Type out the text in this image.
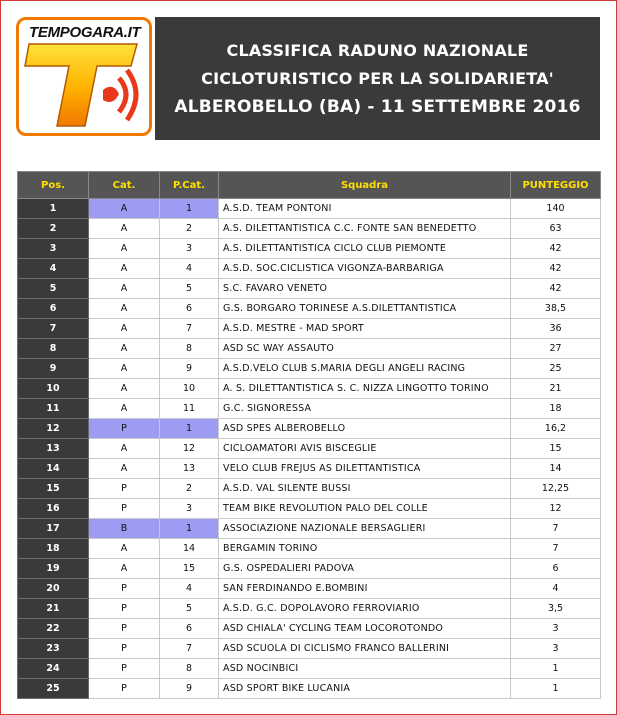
TEMPOGARA.IT
CLASSIFICA RADUNO NAZIONALE
CICLOTURISTICO PER LA SOLIDARIETA'
ALBEROBELLO (BA) - 11 SETTEMBRE 2016
Pos.	Cat.	P.Cat.	Squadra	PUNTEGGIO
1	A	1	A.S.D. TEAM PONTONI	140
2	A	2	A.S. DILETTANTISTICA C.C. FONTE SAN BENEDETTO	63
3	A	3	A.S. DILETTANTISTICA CICLO CLUB PIEMONTE	42
4	A	4	A.S.D. SOC.CICLISTICA VIGONZA-BARBARIGA	42
5	A	5	S.C. FAVARO VENETO	42
6	A	6	G.S. BORGARO TORINESE A.S.DILETTANTISTICA	38,5
7	A	7	A.S.D. MESTRE - MAD SPORT	36
8	A	8	ASD SC WAY ASSAUTO	27
9	A	9	A.S.D.VELO CLUB S.MARIA DEGLI ANGELI RACING	25
10	A	10	A. S. DILETTANTISTICA S. C. NIZZA LINGOTTO TORINO	21
11	A	11	G.C. SIGNORESSA	18
12	P	1	ASD SPES ALBEROBELLO	16,2
13	A	12	CICLOAMATORI AVIS BISCEGLIE	15
14	A	13	VELO CLUB FREJUS AS DILETTANTISTICA	14
15	P	2	A.S.D. VAL SILENTE BUSSI	12,25
16	P	3	TEAM BIKE REVOLUTION PALO DEL COLLE	12
17	B	1	ASSOCIAZIONE NAZIONALE BERSAGLIERI	7
18	A	14	BERGAMIN TORINO	7
19	A	15	G.S. OSPEDALIERI PADOVA	6
20	P	4	SAN FERDINANDO E.BOMBINI	4
21	P	5	A.S.D. G.C. DOPOLAVORO FERROVIARIO	3,5
22	P	6	ASD CHIALA' CYCLING TEAM LOCOROTONDO	3
23	P	7	ASD SCUOLA DI CICLISMO FRANCO BALLERINI	3
24	P	8	ASD NOCINBICI	1
25	P	9	ASD SPORT BIKE LUCANIA	1
